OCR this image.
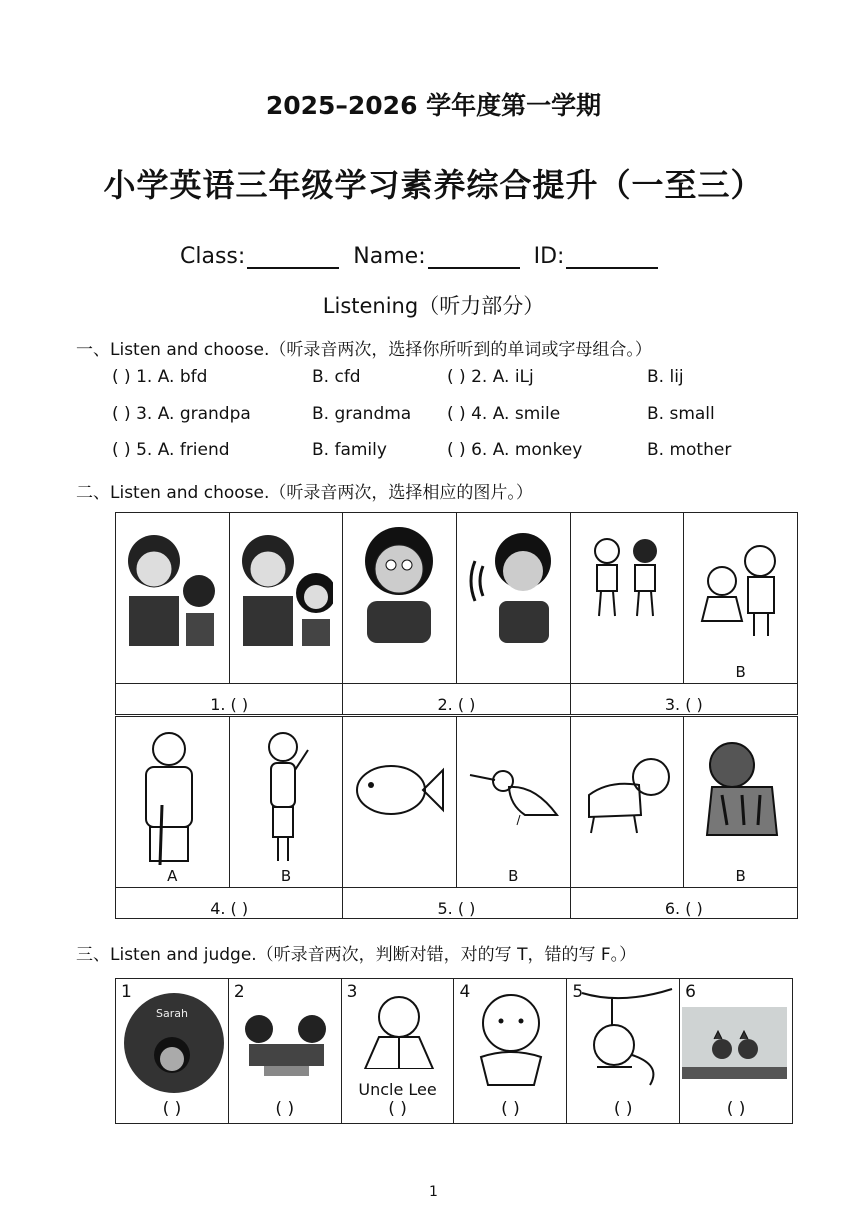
2025–2026 学年度第一学期
小学英语三年级学习素养综合提升（一至三）
Class:	Name:	ID:
Listening（听力部分）
一、Listen and choose.（听录音两次，选择你所听到的单词或字母组合。）
( ) 1. A. bfd	B. cfd	( ) 2. A. iLj	B. lij
( ) 3. A. grandpa	B. grandma	( ) 4. A. smile	B. small
( ) 5. A. friend	B. family	( ) 6. A. monkey	B. mother
二、Listen and choose.（听录音两次，选择相应的图片。）

B

1. ( )		2. ( )		3. ( )	
A	B		B		B

4. ( )		5. ( )		6. ( )	
三、Listen and judge.（听录音两次，判断对错，对的写 T，错的写 F。）
1
Sarah
( )

2
( )

3
Uncle Lee
( )

4
( )

5
( )

6
( )
1
